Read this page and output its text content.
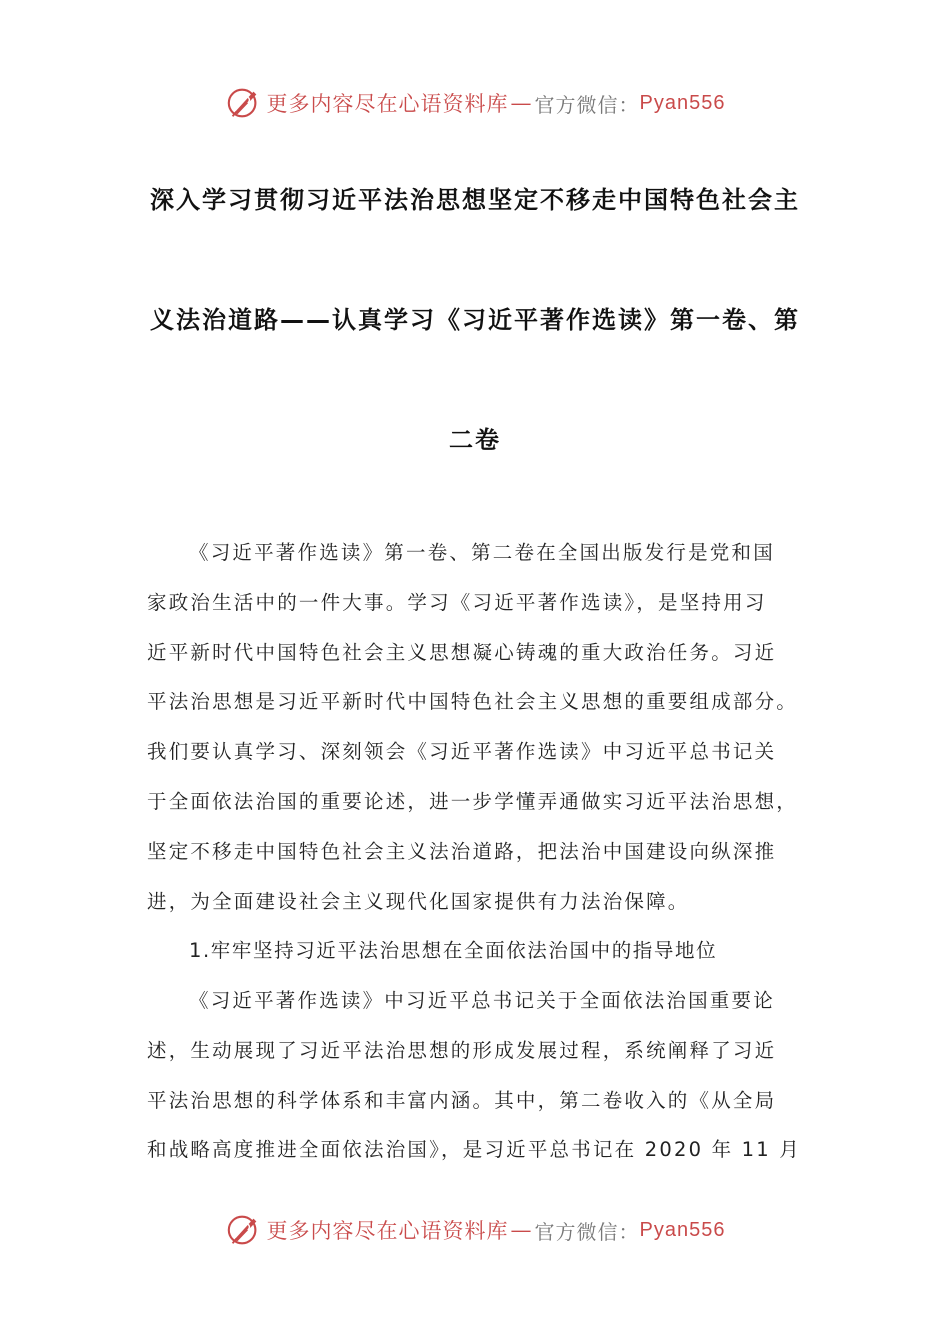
更多内容尽在心语资料库 — 官方微信： Pyan556
深入学习贯彻习近平法治思想坚定不移走中国特色社会主
义法治道路——认真学习《习近平著作选读》第一卷、第
二卷
《习近平著作选读》第一卷、第二卷在全国出版发行是党和国
家政治生活中的一件大事。学习《习近平著作选读》，是坚持用习
近平新时代中国特色社会主义思想凝心铸魂的重大政治任务。习近
平法治思想是习近平新时代中国特色社会主义思想的重要组成部分。
我们要认真学习、深刻领会《习近平著作选读》中习近平总书记关
于全面依法治国的重要论述，进一步学懂弄通做实习近平法治思想，
坚定不移走中国特色社会主义法治道路，把法治中国建设向纵深推
进，为全面建设社会主义现代化国家提供有力法治保障。
1.牢牢坚持习近平法治思想在全面依法治国中的指导地位
《习近平著作选读》中习近平总书记关于全面依法治国重要论
述，生动展现了习近平法治思想的形成发展过程，系统阐释了习近
平法治思想的科学体系和丰富内涵。其中，第二卷收入的《从全局
和战略高度推进全面依法治国》，是习近平总书记在 2020 年 11 月
更多内容尽在心语资料库 — 官方微信： Pyan556
